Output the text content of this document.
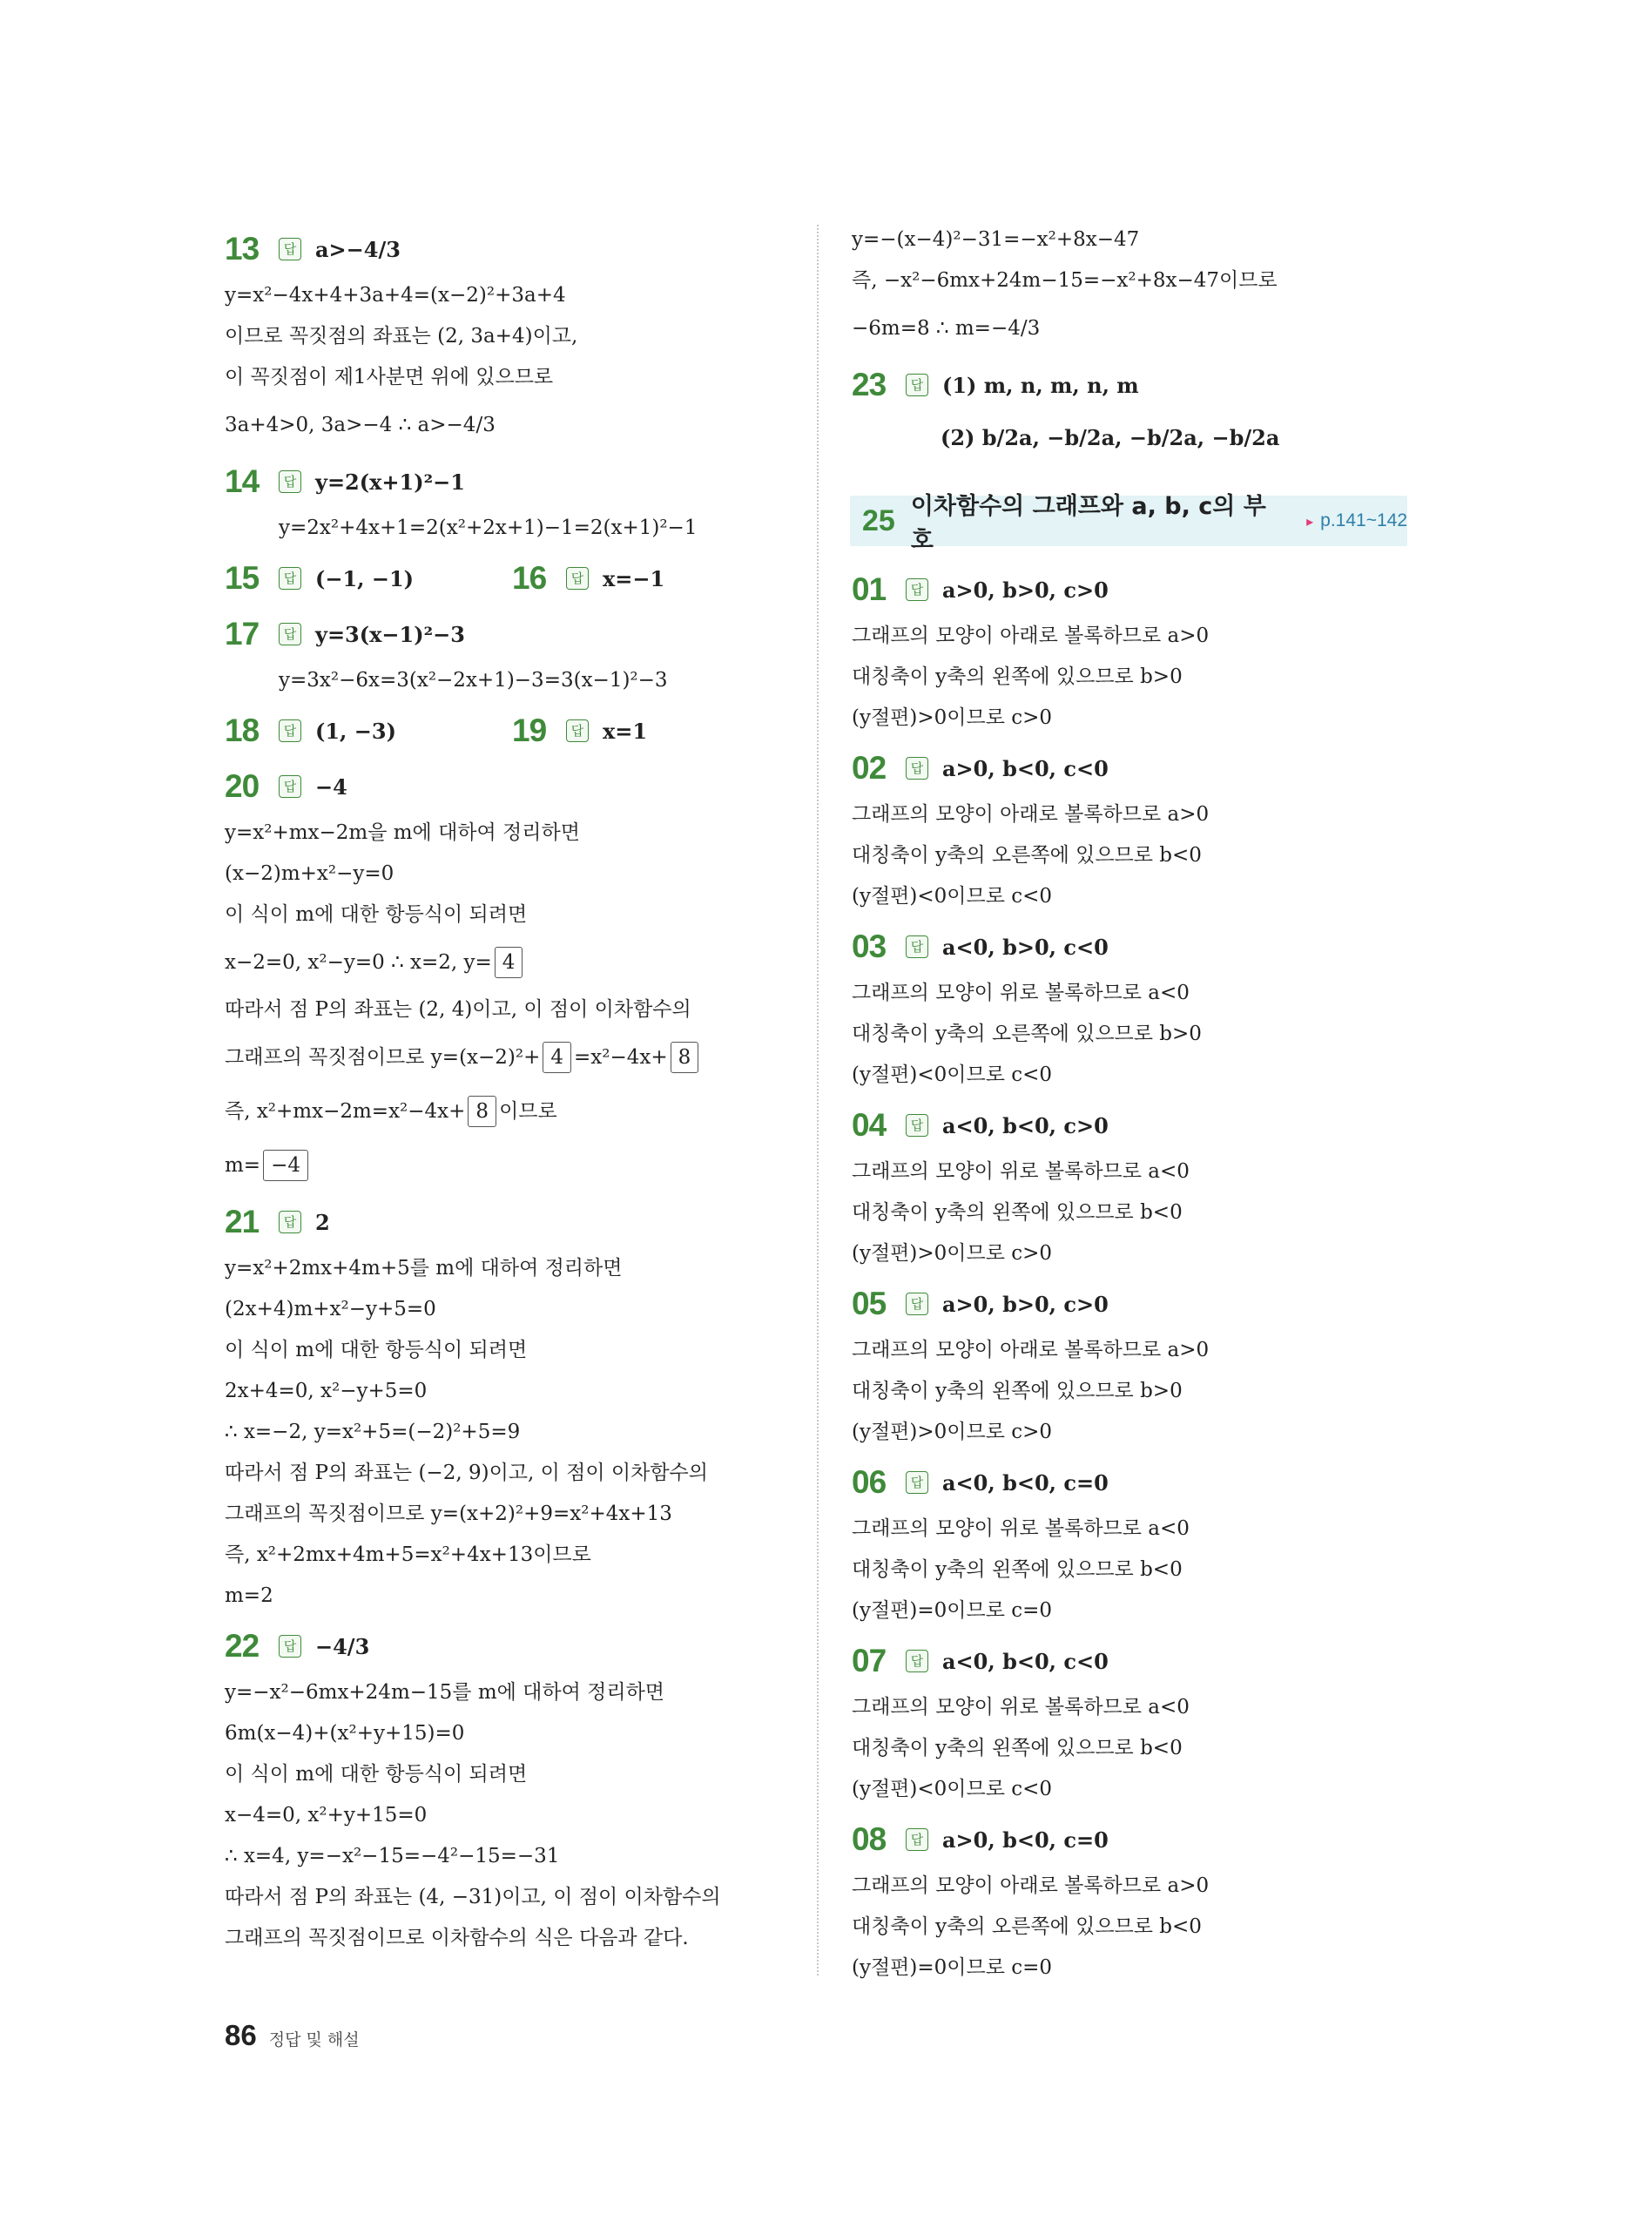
13	답 a>−4/3
y=x²−4x+4+3a+4=(x−2)²+3a+4
이므로 꼭짓점의 좌표는 (2, 3a+4)이고,
이 꼭짓점이 제1사분면 위에 있으므로
3a+4>0, 3a>−4 ∴ a>−4/3
14	답 y=2(x+1)²−1
y=2x²+4x+1=2(x²+2x+1)−1=2(x+1)²−1
15	답 (−1, −1)	16	답 x=−1
17	답 y=3(x−1)²−3
y=3x²−6x=3(x²−2x+1)−3=3(x−1)²−3
18	답 (1, −3)	19	답 x=1
20	답 −4
y=x²+mx−2m을 m에 대하여 정리하면
(x−2)m+x²−y=0
이 식이 m에 대한 항등식이 되려면
x−2=0, x²−y=0 ∴ x=2, y= 4
따라서 점 P의 좌표는 (2, 4)이고, 이 점이 이차함수의
그래프의 꼭짓점이므로 y=(x−2)²+ 4 =x²−4x+ 8
즉, x²+mx−2m=x²−4x+ 8 이므로
m= −4
21	답 2
y=x²+2mx+4m+5를 m에 대하여 정리하면
(2x+4)m+x²−y+5=0
이 식이 m에 대한 항등식이 되려면
2x+4=0, x²−y+5=0
∴ x=−2, y=x²+5=(−2)²+5=9
따라서 점 P의 좌표는 (−2, 9)이고, 이 점이 이차함수의
그래프의 꼭짓점이므로 y=(x+2)²+9=x²+4x+13
즉, x²+2mx+4m+5=x²+4x+13이므로
m=2
22	답 −4/3
y=−x²−6mx+24m−15를 m에 대하여 정리하면
6m(x−4)+(x²+y+15)=0
이 식이 m에 대한 항등식이 되려면
x−4=0, x²+y+15=0
∴ x=4, y=−x²−15=−4²−15=−31
따라서 점 P의 좌표는 (4, −31)이고, 이 점이 이차함수의
그래프의 꼭짓점이므로 이차함수의 식은 다음과 같다.
y=−(x−4)²−31=−x²+8x−47
즉, −x²−6mx+24m−15=−x²+8x−47이므로
−6m=8 ∴ m=−4/3
23	답 (1) m, n, m, n, m
(2) b/2a, −b/2a, −b/2a, −b/2a
25 이차함수의 그래프와 a, b, c의 부호
▸ p.141~142
01	답 a>0, b>0, c>0
그래프의 모양이 아래로 볼록하므로 a>0
대칭축이 y축의 왼쪽에 있으므로 b>0
(y절편)>0이므로 c>0
02	답 a>0, b<0, c<0
그래프의 모양이 아래로 볼록하므로 a>0
대칭축이 y축의 오른쪽에 있으므로 b<0
(y절편)<0이므로 c<0
03	답 a<0, b>0, c<0
그래프의 모양이 위로 볼록하므로 a<0
대칭축이 y축의 오른쪽에 있으므로 b>0
(y절편)<0이므로 c<0
04	답 a<0, b<0, c>0
그래프의 모양이 위로 볼록하므로 a<0
대칭축이 y축의 왼쪽에 있으므로 b<0
(y절편)>0이므로 c>0
05	답 a>0, b>0, c>0
그래프의 모양이 아래로 볼록하므로 a>0
대칭축이 y축의 왼쪽에 있으므로 b>0
(y절편)>0이므로 c>0
06	답 a<0, b<0, c=0
그래프의 모양이 위로 볼록하므로 a<0
대칭축이 y축의 왼쪽에 있으므로 b<0
(y절편)=0이므로 c=0
07	답 a<0, b<0, c<0
그래프의 모양이 위로 볼록하므로 a<0
대칭축이 y축의 왼쪽에 있으므로 b<0
(y절편)<0이므로 c<0
08	답 a>0, b<0, c=0
그래프의 모양이 아래로 볼록하므로 a>0
대칭축이 y축의 오른쪽에 있으므로 b<0
(y절편)=0이므로 c=0
86 정답 및 해설
